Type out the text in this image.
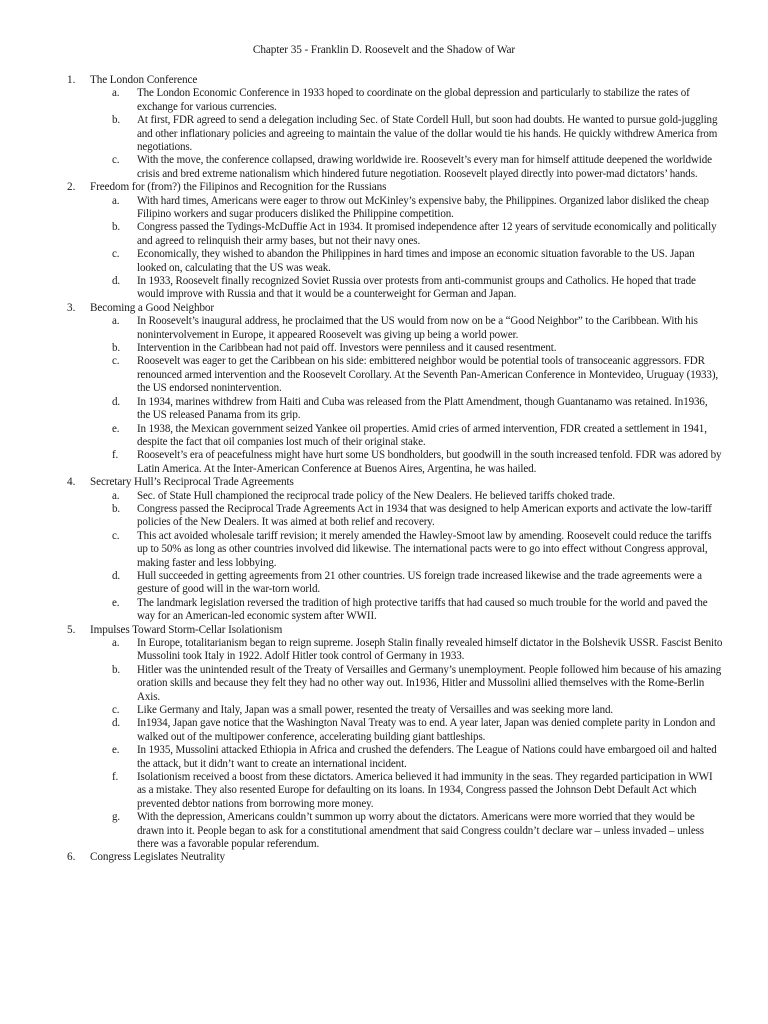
Chapter 35 - Franklin D. Roosevelt and the Shadow of War
1. The London Conference
a. The London Economic Conference in 1933 hoped to coordinate on the global depression and particularly to stabilize the rates of exchange for various currencies.
b. At first, FDR agreed to send a delegation including Sec. of State Cordell Hull, but soon had doubts. He wanted to pursue gold-juggling and other inflationary policies and agreeing to maintain the value of the dollar would tie his hands. He quickly withdrew America from negotiations.
c. With the move, the conference collapsed, drawing worldwide ire. Roosevelt’s every man for himself attitude deepened the worldwide crisis and bred extreme nationalism which hindered future negotiation. Roosevelt played directly into power-mad dictators’ hands.
2. Freedom for (from?) the Filipinos and Recognition for the Russians
a. With hard times, Americans were eager to throw out McKinley’s expensive baby, the Philippines. Organized labor disliked the cheap Filipino workers and sugar producers disliked the Philippine competition.
b. Congress passed the Tydings-McDuffie Act in 1934. It promised independence after 12 years of servitude economically and politically and agreed to relinquish their army bases, but not their navy ones.
c. Economically, they wished to abandon the Philippines in hard times and impose an economic situation favorable to the US. Japan looked on, calculating that the US was weak.
d. In 1933, Roosevelt finally recognized Soviet Russia over protests from anti-communist groups and Catholics. He hoped that trade would improve with Russia and that it would be a counterweight for German and Japan.
3. Becoming a Good Neighbor
a. In Roosevelt’s inaugural address, he proclaimed that the US would from now on be a “Good Neighbor” to the Caribbean. With his nonintervolvement in Europe, it appeared Roosevelt was giving up being a world power.
b. Intervention in the Caribbean had not paid off. Investors were penniless and it caused resentment.
c. Roosevelt was eager to get the Caribbean on his side: embittered neighbor would be potential tools of transoceanic aggressors. FDR renounced armed intervention and the Roosevelt Corollary. At the Seventh Pan-American Conference in Montevideo, Uruguay (1933), the US endorsed nonintervention.
d. In 1934, marines withdrew from Haiti and Cuba was released from the Platt Amendment, though Guantanamo was retained. In1936, the US released Panama from its grip.
e. In 1938, the Mexican government seized Yankee oil properties. Amid cries of armed intervention, FDR created a settlement in 1941, despite the fact that oil companies lost much of their original stake.
f. Roosevelt’s era of peacefulness might have hurt some US bondholders, but goodwill in the south increased tenfold. FDR was adored by Latin America. At the Inter-American Conference at Buenos Aires, Argentina, he was hailed.
4. Secretary Hull’s Reciprocal Trade Agreements
a. Sec. of State Hull championed the reciprocal trade policy of the New Dealers. He believed tariffs choked trade.
b. Congress passed the Reciprocal Trade Agreements Act in 1934 that was designed to help American exports and activate the low-tariff policies of the New Dealers. It was aimed at both relief and recovery.
c. This act avoided wholesale tariff revision; it merely amended the Hawley-Smoot law by amending. Roosevelt could reduce the tariffs up to 50% as long as other countries involved did likewise. The international pacts were to go into effect without Congress approval, making faster and less lobbying.
d. Hull succeeded in getting agreements from 21 other countries. US foreign trade increased likewise and the trade agreements were a gesture of good will in the war-torn world.
e. The landmark legislation reversed the tradition of high protective tariffs that had caused so much trouble for the world and paved the way for an American-led economic system after WWII.
5. Impulses Toward Storm-Cellar Isolationism
a. In Europe, totalitarianism began to reign supreme. Joseph Stalin finally revealed himself dictator in the Bolshevik USSR. Fascist Benito Mussolini took Italy in 1922. Adolf Hitler took control of Germany in 1933.
b. Hitler was the unintended result of the Treaty of Versailles and Germany’s unemployment. People followed him because of his amazing oration skills and because they felt they had no other way out. In1936, Hitler and Mussolini allied themselves with the Rome-Berlin Axis.
c. Like Germany and Italy, Japan was a small power, resented the treaty of Versailles and was seeking more land.
d. In1934, Japan gave notice that the Washington Naval Treaty was to end. A year later, Japan was denied complete parity in London and walked out of the multipower conference, accelerating building giant battleships.
e. In 1935, Mussolini attacked Ethiopia in Africa and crushed the defenders. The League of Nations could have embargoed oil and halted the attack, but it didn’t want to create an international incident.
f. Isolationism received a boost from these dictators. America believed it had immunity in the seas. They regarded participation in WWI as a mistake. They also resented Europe for defaulting on its loans. In 1934, Congress passed the Johnson Debt Default Act which prevented debtor nations from borrowing more money.
g. With the depression, Americans couldn’t summon up worry about the dictators. Americans were more worried that they would be drawn into it. People began to ask for a constitutional amendment that said Congress couldn’t declare war – unless invaded – unless there was a favorable popular referendum.
6. Congress Legislates Neutrality
